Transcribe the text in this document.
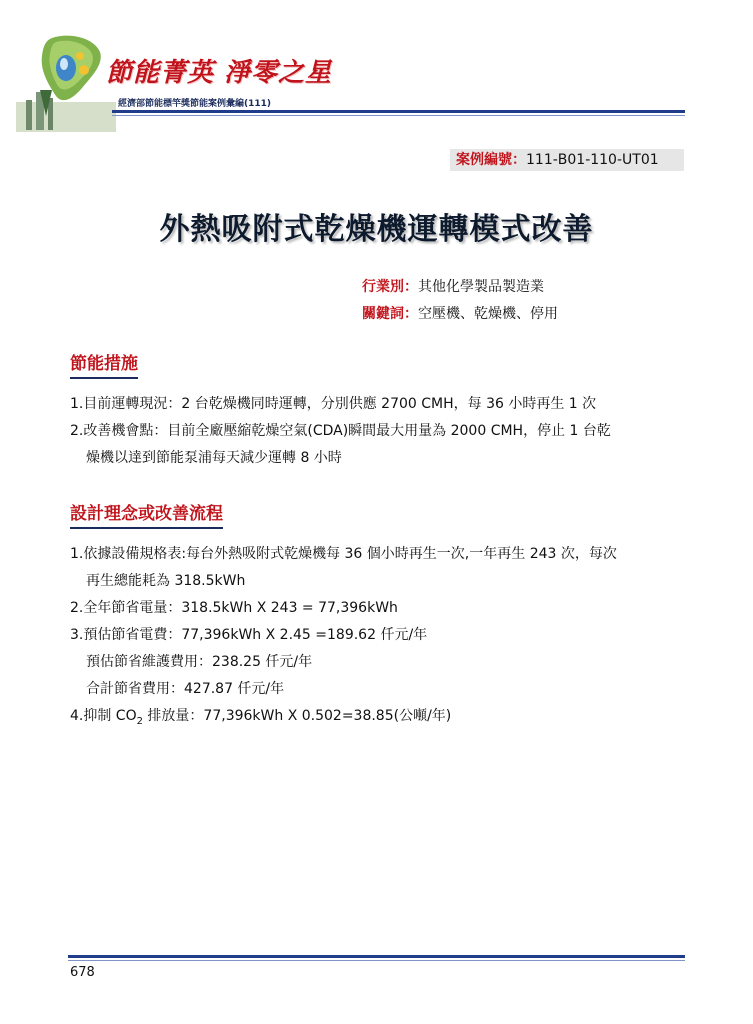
節能菁英 淨零之星
經濟部節能標竿獎節能案例彙編(111)
案例編號：111-B01-110-UT01
外熱吸附式乾燥機運轉模式改善
行業別：其他化學製品製造業
關鍵詞：空壓機、乾燥機、停用
節能措施
1.目前運轉現況：2 台乾燥機同時運轉，分別供應 2700 CMH，每 36 小時再生 1 次
2.改善機會點：目前全廠壓縮乾燥空氣(CDA)瞬間最大用量為 2000 CMH，停止 1 台乾
燥機以達到節能泵浦每天減少運轉 8 小時
設計理念或改善流程
1.依據設備規格表:每台外熱吸附式乾燥機每 36 個小時再生一次,一年再生 243 次，每次
再生總能耗為 318.5kWh
2.全年節省電量：318.5kWh X 243 = 77,396kWh
3.預估節省電費：77,396kWh X 2.45 =189.62 仟元/年
預估節省維護費用：238.25 仟元/年
合計節省費用：427.87 仟元/年
4.抑制 $CO_2$ 排放量：77,396kWh X 0.502=38.85(公噸/年)
678
